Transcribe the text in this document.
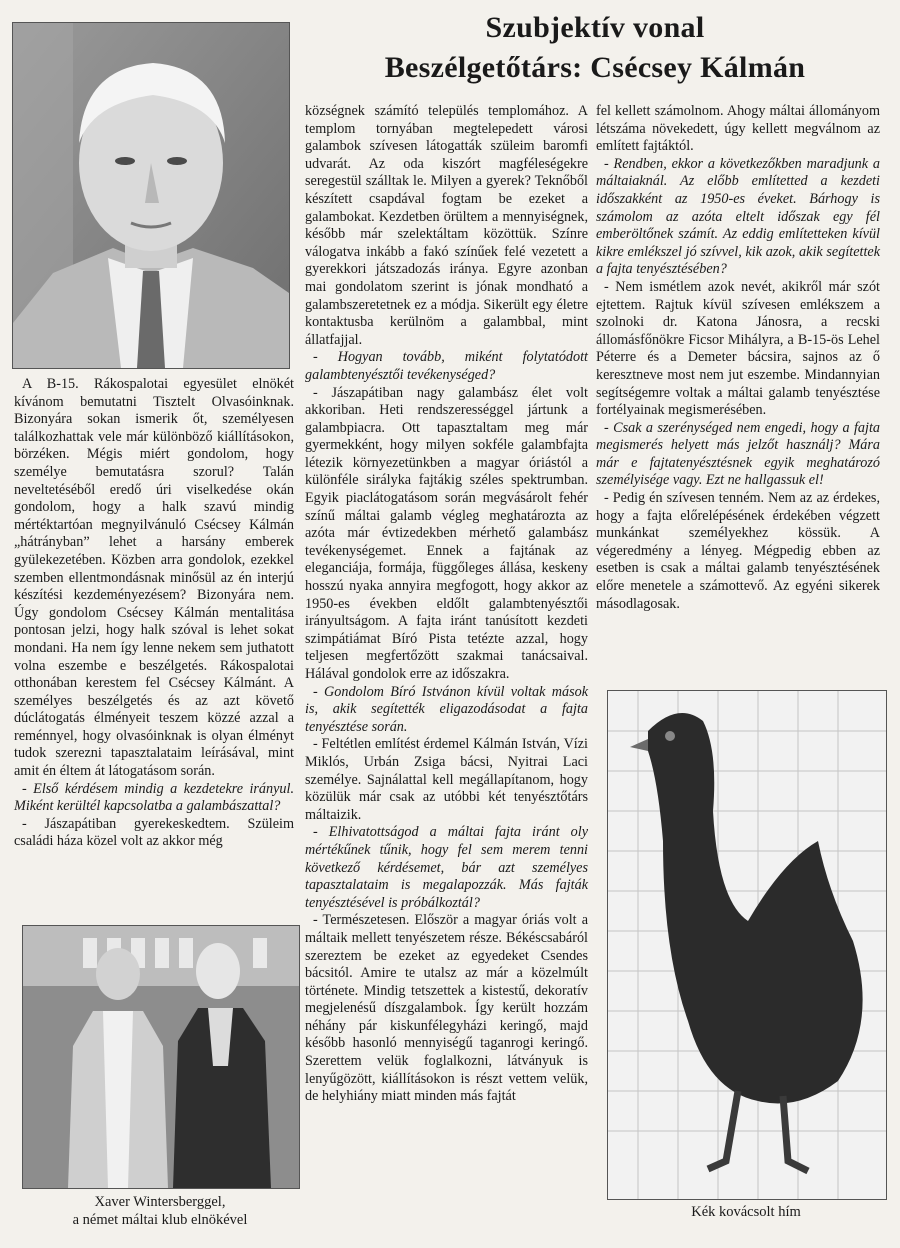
Szubjektív vonal
Beszélgetőtárs: Csécsey Kálmán

A B-15. Rákospalotai egyesület elnökét kívánom bemutatni Tisztelt Olvasóinknak. Bizonyára sokan ismerik őt, személyesen találkozhattak vele már különböző kiállításokon, börzéken. Mégis miért gondolom, hogy személye bemutatásra szorul? Talán neveltetéséből eredő úri viselkedése okán gondolom, hogy a halk szavú mindig mértéktartóan megnyilvánuló Csécsey Kálmán „hátrányban” lehet a harsány emberek gyülekezetében. Közben arra gondolok, ezekkel szemben ellentmondásnak minősül az én interjú készítési kezdeményezésem? Bizonyára nem. Úgy gondolom Csécsey Kálmán mentalitása pontosan jelzi, hogy halk szóval is lehet sokat mondani. Ha nem így lenne nekem sem juthatott volna eszembe e beszélgetés. Rákospalotai otthonában kerestem fel Csécsey Kálmánt. A személyes beszélgetés és az azt követő dúclátogatás élményeit teszem közzé azzal a reménnyel, hogy olvasóinknak is olyan élményt tudok szerezni tapasztalataim leírásával, mint amit én éltem át látogatásom során.

- Első kérdésem mindig a kezdetekre irányul. Miként kerültél kapcsolatba a galambászattal?

- Jászapátiban gyerekeskedtem. Szüleim családi háza közel volt az akkor még

Xaver Wintersberggel,
a német máltai klub elnökével

községnek számító település templomához. A templom tornyában megtelepedett városi galambok szívesen látogatták szüleim baromfi udvarát. Az oda kiszórt magféleségekre seregestül szálltak le. Milyen a gyerek? Teknőből készített csapdával fogtam be ezeket a galambokat. Kezdetben örültem a mennyiségnek, később már szelektáltam közöttük. Színre válogatva inkább a fakó színűek felé vezetett a gyerekkori játszadozás iránya. Egyre azonban mai gondolatom szerint is jónak mondható a galambszeretetnek ez a módja. Sikerült egy életre kontaktusba kerülnöm a galambbal, mint állatfajjal.

- Hogyan tovább, miként folytatódott galambtenyésztői tevékenységed?

- Jászapátiban nagy galambász élet volt akkoriban. Heti rendszerességgel jártunk a galambpiacra. Ott tapasztaltam meg már gyermekként, hogy milyen sokféle galambfajta létezik környezetünkben a magyar óriástól a különféle sirálykа fajtákig széles spektrumban. Egyik piaclátogatásom során megvásárolt fehér színű máltai galamb végleg meghatározta az azóta már évtizedekben mérhető galambász tevékenységemet. Ennek a fajtának az eleganciája, formája, függőleges állása, keskeny hosszú nyaka annyira megfogott, hogy akkor az 1950-es években eldőlt galambtenyésztői irányultságom. A fajta iránt tanúsított kezdeti szimpátiámat Bíró Pista tetézte azzal, hogy teljesen megfertőzött szakmai tanácsaival. Hálával gondolok erre az időszakra.

- Gondolom Bíró Istvánon kívül voltak mások is, akik segítették eligazodásodat a fajta tenyésztése során.

- Feltétlen említést érdemel Kálmán István, Vízi Miklós, Urbán Zsiga bácsi, Nyitrai Laci személye. Sajnálattal kell megállapítanom, hogy közülük már csak az utóbbi két tenyésztőtárs máltaizik.

- Elhivatottságod a máltai fajta iránt oly mértékűnek tűnik, hogy fel sem merem tenni következő kérdésemet, bár azt személyes tapasztalataim is megalapozzák. Más fajták tenyésztésével is próbálkoztál?

- Természetesen. Először a magyar óriás volt a máltaik mellett tenyészetem része. Békéscsabáról szereztem be ezeket az egyedeket Csendes bácsitól. Amire te utalsz az már a közelmúlt története. Mindig tetszettek a kistestű, dekoratív megjelenésű díszgalambok. Így került hozzám néhány pár kiskunfélegyházi keringő, majd később hasonló mennyiségű taganrogi keringő. Szerettem velük foglalkozni, látványuk is lenyűgözött, kiállításokon is részt vettem velük, de helyhiány miatt minden más fajtát

fel kellett számolnom. Ahogy máltai állományom létszáma növekedett, úgy kellett megválnom az említett fajtáktól.

- Rendben, ekkor a következőkben maradjunk a máltaiaknál. Az előbb említetted a kezdeti időszakként az 1950-es éveket. Bárhogy is számolom az azóta eltelt időszak egy fél emberöltőnek számít. Az eddig említetteken kívül kikre emlékszel jó szívvel, kik azok, akik segítettek a fajta tenyésztésében?

- Nem ismétlem azok nevét, akikről már szót ejtettem. Rajtuk kívül szívesen emlékszem a szolnoki dr. Katona Jánosra, a recski állomásfőnökre Ficsor Mihályra, a B-15-ös Lehel Péterre és a Demeter bácsira, sajnos az ő keresztneve most nem jut eszembe. Mindannyian segítségemre voltak a máltai galamb tenyésztése fortélyainak megismerésében.

- Csak a szerénységed nem engedi, hogy a fajta megismerés helyett más jelzőt használj? Mára már e fajtatenyésztésnek egyik meghatározó személyisége vagy. Ezt ne hallgassuk el!

- Pedig én szívesen tenném. Nem az az érdekes, hogy a fajta előrelépésének érdekében végzett munkánkat személyekhez kössük. A végeredmény a lényeg. Mégpedig ebben az esetben is csak a máltai galamb tenyésztésének előre menetele a számottevő. Az egyéni sikerek másodlagosak.

Kék kovácsolt hím
